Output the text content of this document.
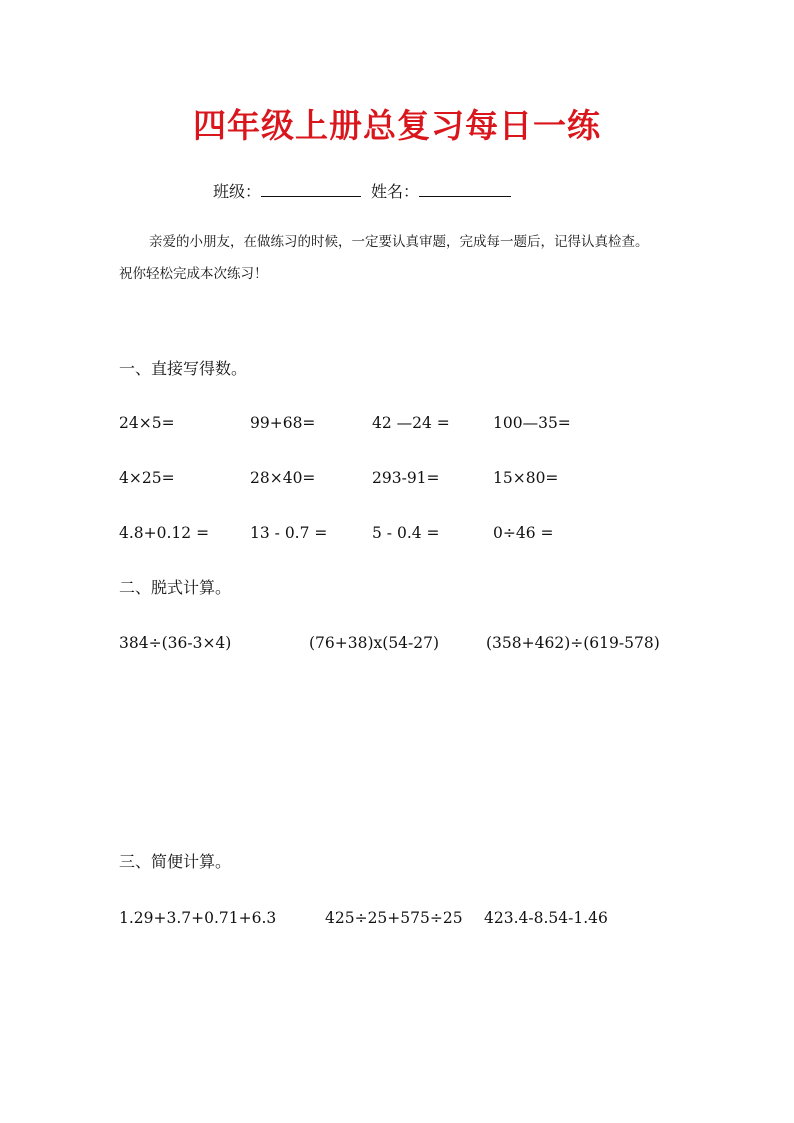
四年级上册总复习每日一练
班级：	姓名：
亲爱的小朋友，在做练习的时候，一定要认真审题，完成每一题后，记得认真检查。
祝你轻松完成本次练习！
一、直接写得数。
24×5=	99+68=	42 —24 =	100—35=
4×25=	28×40=	293-91=	15×80=
4.8+0.12 =	13 - 0.7 =	5 - 0.4 =	0÷46 =
二、脱式计算。
384÷(36-3×4)	(76+38)x(54-27)	(358+462)÷(619-578)
三、简便计算。
1.29+3.7+0.71+6.3	425÷25+575÷25 423.4-8.54-1.46
